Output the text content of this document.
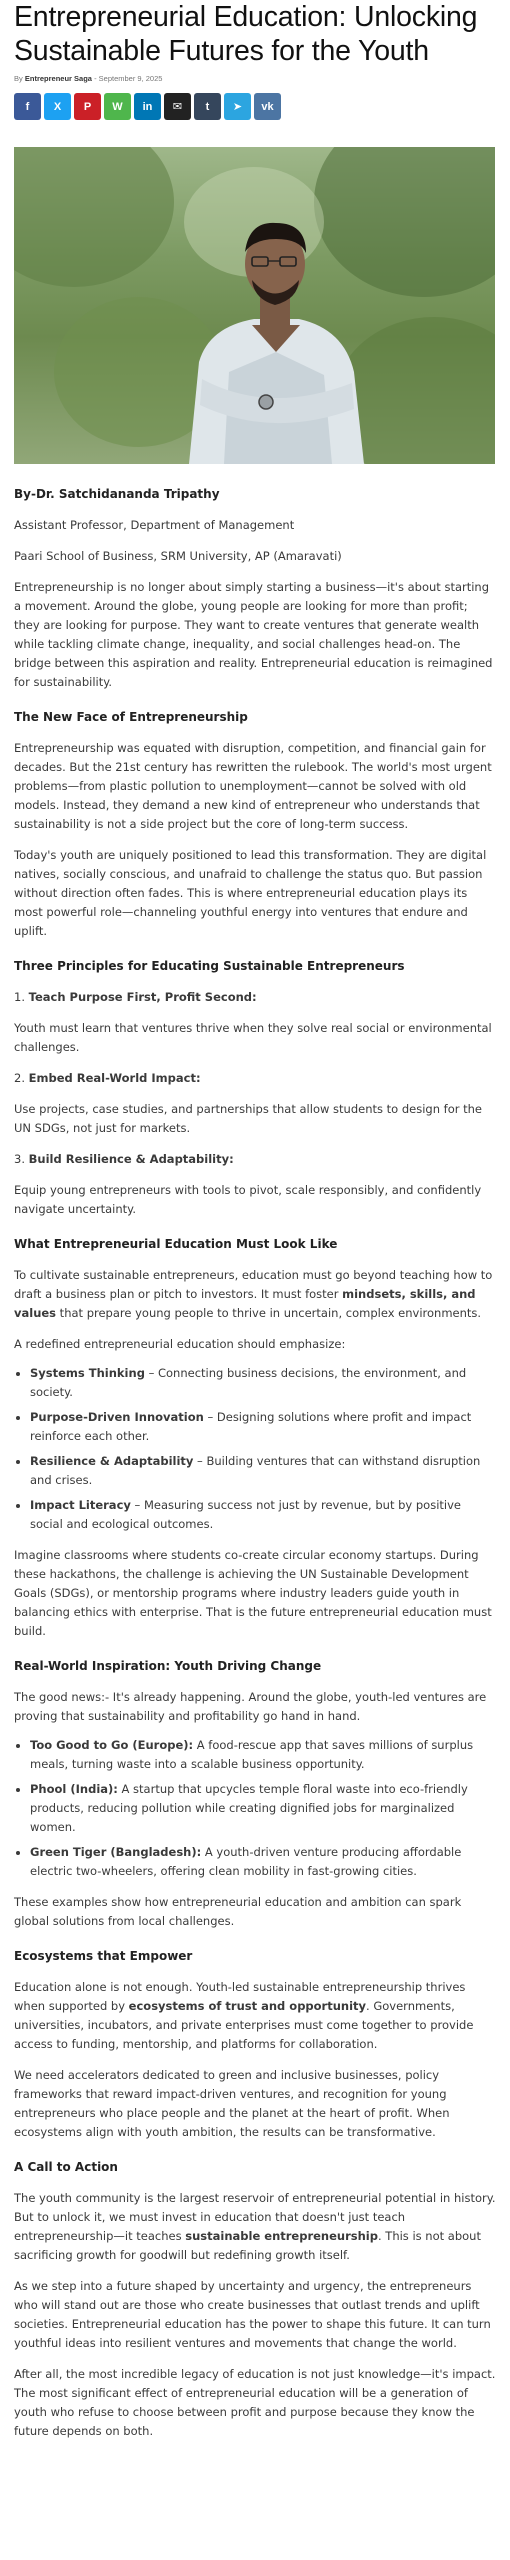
Entrepreneurial Education: Unlocking Sustainable Futures for the Youth
By Entrepreneur Saga - September 9, 2025
f X P W in ✉ t ➤ vk

By-Dr. Satchidananda Tripathy

Assistant Professor, Department of Management

Paari School of Business, SRM University, AP (Amaravati)

Entrepreneurship is no longer about simply starting a business—it's about starting a movement. Around the globe, young people are looking for more than profit; they are looking for purpose. They want to create ventures that generate wealth while tackling climate change, inequality, and social challenges head-on. The bridge between this aspiration and reality. Entrepreneurial education is reimagined for sustainability.

The New Face of Entrepreneurship

Entrepreneurship was equated with disruption, competition, and financial gain for decades. But the 21st century has rewritten the rulebook. The world's most urgent problems—from plastic pollution to unemployment—cannot be solved with old models. Instead, they demand a new kind of entrepreneur who understands that sustainability is not a side project but the core of long-term success.

Today's youth are uniquely positioned to lead this transformation. They are digital natives, socially conscious, and unafraid to challenge the status quo. But passion without direction often fades. This is where entrepreneurial education plays its most powerful role—channeling youthful energy into ventures that endure and uplift.

Three Principles for Educating Sustainable Entrepreneurs

1. Teach Purpose First, Profit Second:

Youth must learn that ventures thrive when they solve real social or environmental challenges.

2. Embed Real-World Impact:

Use projects, case studies, and partnerships that allow students to design for the UN SDGs, not just for markets.

3. Build Resilience & Adaptability:

Equip young entrepreneurs with tools to pivot, scale responsibly, and confidently navigate uncertainty.

What Entrepreneurial Education Must Look Like

To cultivate sustainable entrepreneurs, education must go beyond teaching how to draft a business plan or pitch to investors. It must foster mindsets, skills, and values that prepare young people to thrive in uncertain, complex environments.

A redefined entrepreneurial education should emphasize:

• Systems Thinking – Connecting business decisions, the environment, and society.
• Purpose-Driven Innovation – Designing solutions where profit and impact reinforce each other.
• Resilience & Adaptability – Building ventures that can withstand disruption and crises.
• Impact Literacy – Measuring success not just by revenue, but by positive social and ecological outcomes.

Imagine classrooms where students co-create circular economy startups. During these hackathons, the challenge is achieving the UN Sustainable Development Goals (SDGs), or mentorship programs where industry leaders guide youth in balancing ethics with enterprise. That is the future entrepreneurial education must build.

Real-World Inspiration: Youth Driving Change

The good news:- It's already happening. Around the globe, youth-led ventures are proving that sustainability and profitability go hand in hand.

• Too Good to Go (Europe): A food-rescue app that saves millions of surplus meals, turning waste into a scalable business opportunity.
• Phool (India): A startup that upcycles temple floral waste into eco-friendly products, reducing pollution while creating dignified jobs for marginalized women.
• Green Tiger (Bangladesh): A youth-driven venture producing affordable electric two-wheelers, offering clean mobility in fast-growing cities.

These examples show how entrepreneurial education and ambition can spark global solutions from local challenges.

Ecosystems that Empower

Education alone is not enough. Youth-led sustainable entrepreneurship thrives when supported by ecosystems of trust and opportunity. Governments, universities, incubators, and private enterprises must come together to provide access to funding, mentorship, and platforms for collaboration.

We need accelerators dedicated to green and inclusive businesses, policy frameworks that reward impact-driven ventures, and recognition for young entrepreneurs who place people and the planet at the heart of profit. When ecosystems align with youth ambition, the results can be transformative.

A Call to Action

The youth community is the largest reservoir of entrepreneurial potential in history. But to unlock it, we must invest in education that doesn't just teach entrepreneurship—it teaches sustainable entrepreneurship. This is not about sacrificing growth for goodwill but redefining growth itself.

As we step into a future shaped by uncertainty and urgency, the entrepreneurs who will stand out are those who create businesses that outlast trends and uplift societies. Entrepreneurial education has the power to shape this future. It can turn youthful ideas into resilient ventures and movements that change the world.

After all, the most incredible legacy of education is not just knowledge—it's impact. The most significant effect of entrepreneurial education will be a generation of youth who refuse to choose between profit and purpose because they know the future depends on both.
